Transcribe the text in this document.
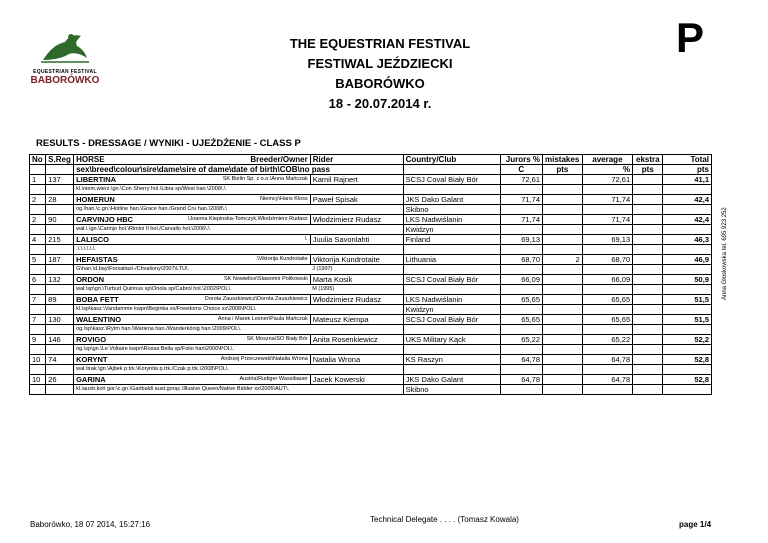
EQUESTRIAN FESTIVAL
BABORÓWKO
THE EQUESTRIAN FESTIVAL
FESTIWAL JEŹDZIECKI
BABORÓWKO
18 - 20.07.2014 r.
P
RESULTS - DRESSAGE / WYNIKI - UJEŻDŻENIE - CLASS P
No	S.Reg	HORSE	Breeder/Owner	Rider	Country/Club	Jurors %	mistakes	average	ekstra	Total
		sex\breed\colour\sire\dame\sire of dame\date of birth\COB\no pass				C	pts	%	pts	pts
1	137	LIBERTINA	SK Bielin Sp. z o.o.\Anna Mańczak	Kamil Rajnert	SCSJ Coval Biały Bór	72,61		72,61		41,1
		kl.\niem.wierz.\gn.\Con Sherry hol.\Libra sp/West han.\2008\.\								
2	28	HOMERUN	Niemcy\Hans Kloss	Paweł Spisak	JKS Dako Galant	71,74		71,74		42,4
		og.\han.\c.gn.\Hotline han.\Grace han./Grand Cru han.\2008\.\			Skibno					
2	90	CARVINJO HBC	\Joanna Kiepinska-Tomczyk,Włodzimierz Rudasz	Włodzimierz Rudasz	LKS Nadwiślanin	71,74		71,74		42,4
		wał.\.\gn.\Carinjo hol.\Rimini II hol./Carvallo hol.\2006\.\			Kwidzyn					
4	215	LALISCO	\.	Juulia Savonlahti	Finland	69,13		69,13		46,3
		.\.\.\.\.\.\.								
5	187	HEFAISTAS	.\Viktorija Kundrotaite	Viktorija Kundrotaite	Lithuania	68,70	2	68,70		46,9
		G\han.\d.bay\Forsaitas\-/Chvaliony\2007\LTU\.		J (1997)						
6	132	ORDON	SK Nowielice\Sławomir Polikowski	Marta Kosik	SCSJ Coval Biały Bór	66,09		66,09		50,9
		wał.\sp\gn.\Turbud Quirinus sp\Oriola sp/Cabrol hol.\2002\POL\.		M (1995)						
7	89	BOBA FETT	Dorota Zauszkiewicz\Dorota Zauszkiewicz	Włodzimierz Rudasz	LKS Nadwiślanin	65,65		65,65		51,5
		kl.\sp\kasz.\Vandamme kwpn\Beginka xx/Freedoms Choice xx\2008\POL\.			Kwidzyn					
7	130	WALENTINO	Anna i Marek Lesner\Paula Mańczak	Mateusz Kiempa	SCSJ Coval Biały Bór	65,65		65,65		51,5
		og.\sp\kasz.\Rytm han.\Wariena han./Wanderkönig han.\2009\POL\.								
9	146	ROVIGO	SK Moszna\SO Biały Bór	Anita Rosenkiewicz	UKS Military Kąck	65,22		65,22		52,2
		og.\sp\gn.\Le Voltaire kwpn\Rossa Bella sp/Folio han\2000\POL\.								
10	74	KORYNT	Andrzej Przeczewski\Natalia Wrona	Natalia Wrona	KS Raszyn	64,78		64,78		52,8
		wał.\trak.\gn.\Ajbek p.trk.\Koryntia p.trk./Czak p.trk.\2008\POL\.								
10	26	GARINA	Austria\Rudiger Wassibauer	Jacek Kowerski	JKS Dako Galant	64,78		64,78		52,8
		kl.\austr.koń gor.\c.gn.\Garibaldi aust.gorąc.\Illusive Queen/Native Bidder xx\2005\AUT\.			Skibno					
Anna Głoskowska tel. 695 923 252
Baborówko, 18 07 2014, 15:27:16
Technical Delegate . . . . (Tomasz Kowala)
page 1/4
